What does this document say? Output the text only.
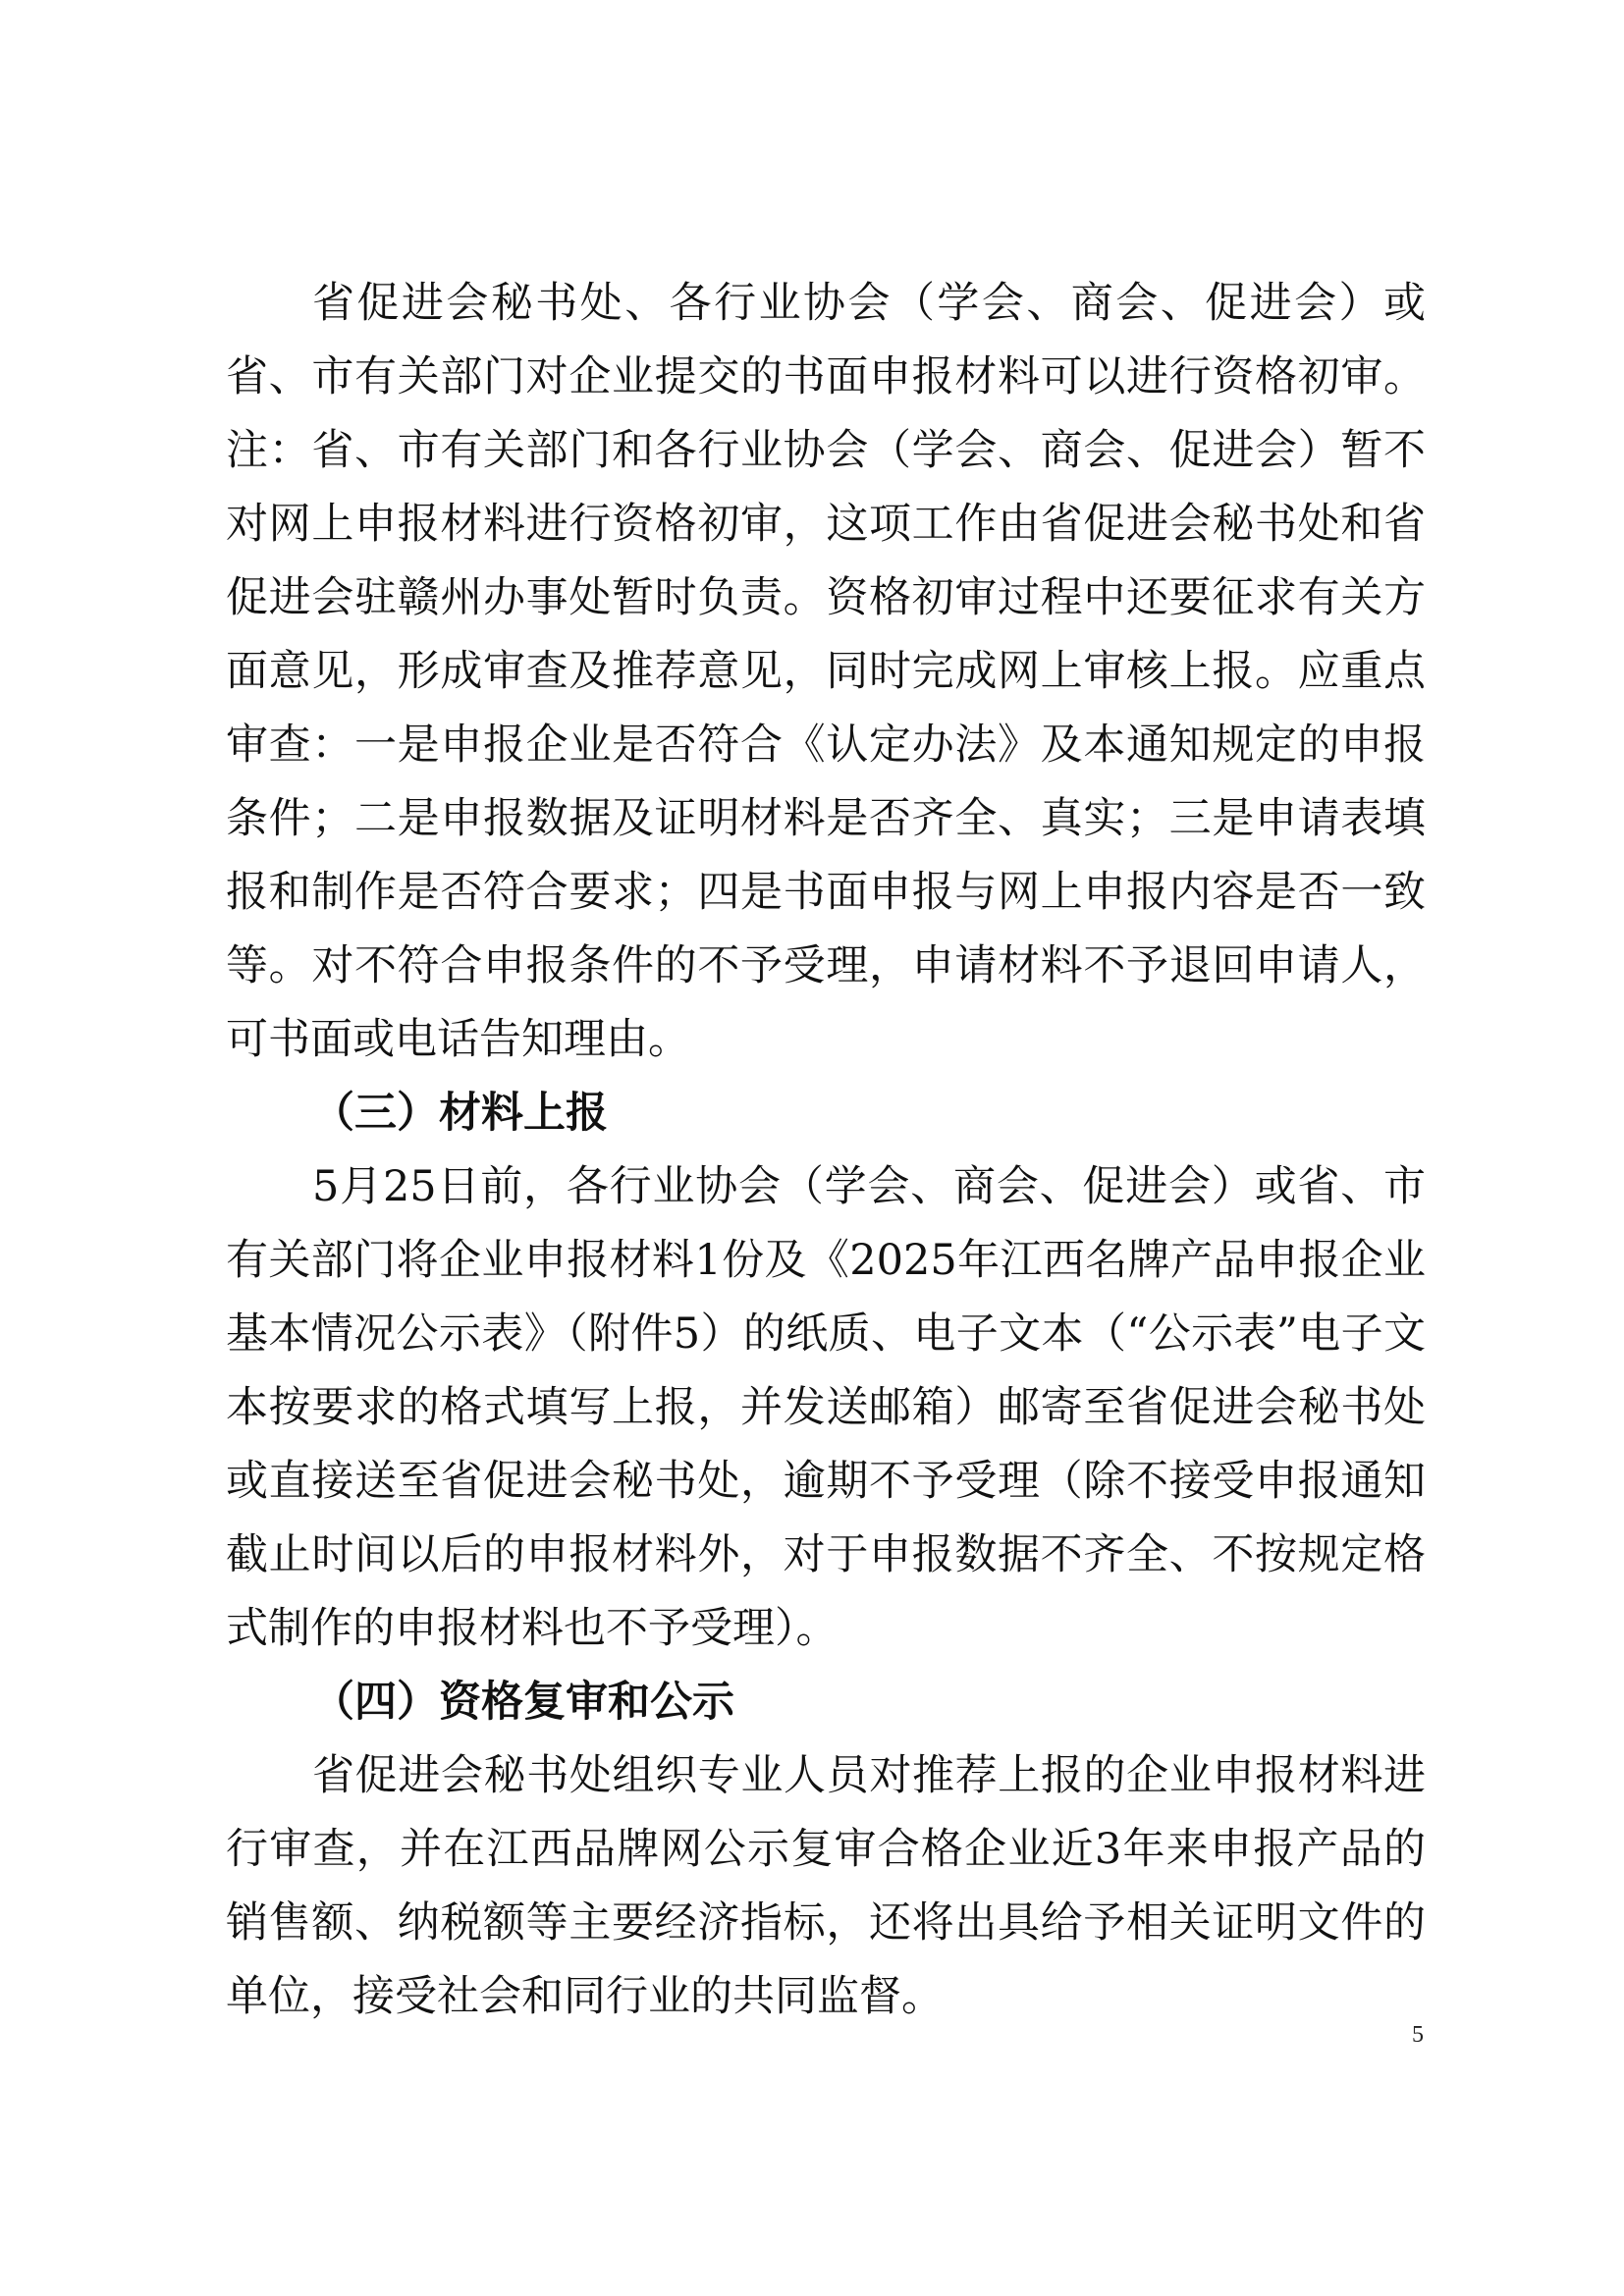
省促进会秘书处、各行业协会（学会、商会、促进会）或省、市有关部门对企业提交的书面申报材料可以进行资格初审。注：省、市有关部门和各行业协会（学会、商会、促进会）暂不对网上申报材料进行资格初审，这项工作由省促进会秘书处和省促进会驻赣州办事处暂时负责。资格初审过程中还要征求有关方面意见，形成审查及推荐意见，同时完成网上审核上报。应重点审查：一是申报企业是否符合《认定办法》及本通知规定的申报条件；二是申报数据及证明材料是否齐全、真实；三是申请表填报和制作是否符合要求；四是书面申报与网上申报内容是否一致等。对不符合申报条件的不予受理，申请材料不予退回申请人，可书面或电话告知理由。

（三）材料上报

5月25日前，各行业协会（学会、商会、促进会）或省、市有关部门将企业申报材料1份及《2025年江西名牌产品申报企业基本情况公示表》（附件5）的纸质、电子文本（“公示表”电子文本按要求的格式填写上报，并发送邮箱）邮寄至省促进会秘书处或直接送至省促进会秘书处，逾期不予受理（除不接受申报通知截止时间以后的申报材料外，对于申报数据不齐全、不按规定格式制作的申报材料也不予受理）。

（四）资格复审和公示

省促进会秘书处组织专业人员对推荐上报的企业申报材料进行审查，并在江西品牌网公示复审合格企业近3年来申报产品的销售额、纳税额等主要经济指标，还将出具给予相关证明文件的单位，接受社会和同行业的共同监督。

5
